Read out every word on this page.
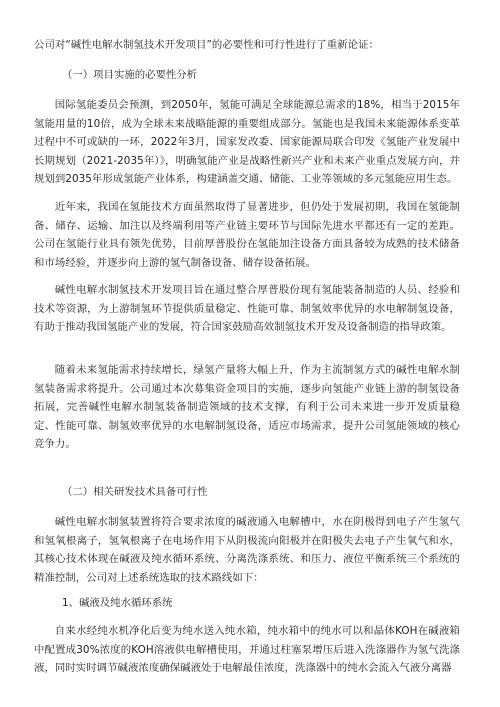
公司对“碱性电解水制氢技术开发项目”的必要性和可行性进行了重新论证：
（一）项目实施的必要性分析
国际氢能委员会预测，到2050年，氢能可满足全球能源总需求的18%，相当于2015年氢能用量的10倍，成为全球未来战略能源的重要组成部分。氢能也是我国未来能源体系变革过程中不可或缺的一环，2022年3月，国家发改委、国家能源局联合印发《氢能产业发展中长期规划（2021-2035年）》，明确氢能产业是战略性新兴产业和未来产业重点发展方向，并规划到2035年形成氢能产业体系，构建涵盖交通、储能、工业等领域的多元氢能应用生态。
近年来，我国在氢能技术方面虽然取得了显著进步，但仍处于发展初期，我国在氢能制备、储存、运输、加注以及终端利用等产业链主要环节与国际先进水平都还有一定的差距。公司在氢能行业具有领先优势，目前厚普股份在氢能加注设备方面具备较为成熟的技术储备和市场经验，并逐步向上游的氢气制备设备、储存设备拓展。
碱性电解水制氢技术开发项目旨在通过整合厚普股份现有氢能装备制造的人员、经验和技术等资源，为上游制氢环节提供质量稳定、性能可靠、制氢效率优异的水电解制氢设备，有助于推动我国氢能产业的发展，符合国家鼓励高效制氢技术开发及设备制造的指导政策。
随着未来氢能需求持续增长，绿氢产量将大幅上升，作为主流制氢方式的碱性电解水制氢装备需求将提升。公司通过本次募集资金项目的实施，逐步向氢能产业链上游的制氢设备拓展，完善碱性电解水制氢装备制造领域的技术支撑，有利于公司未来进一步开发质量稳定、性能可靠、制氢效率优异的水电解制氢设备，适应市场需求，提升公司氢能领域的核心竞争力。
（二）相关研发技术具备可行性
碱性电解水制氢装置将符合要求浓度的碱液通入电解槽中，水在阴极得到电子产生氢气和氢氧根离子，氢氧根离子在电场作用下从阴极流向阳极并在阳极失去电子产生氧气和水，其核心技术体现在碱液及纯水循环系统、分离洗涤系统、和压力、液位平衡系统三个系统的精准控制，公司对上述系统选取的技术路线如下：
1、碱液及纯水循环系统
自来水经纯水机净化后变为纯水送入纯水箱，纯水箱中的纯水可以和晶体KOH在碱液箱中配置成30%浓度的KOH溶液供电解槽使用，并通过柱塞泵增压后进入洗涤器作为氢气洗涤液，同时实时调节碱液浓度确保碱液处于电解最佳浓度，洗涤器中的纯水会流入气液分离器
